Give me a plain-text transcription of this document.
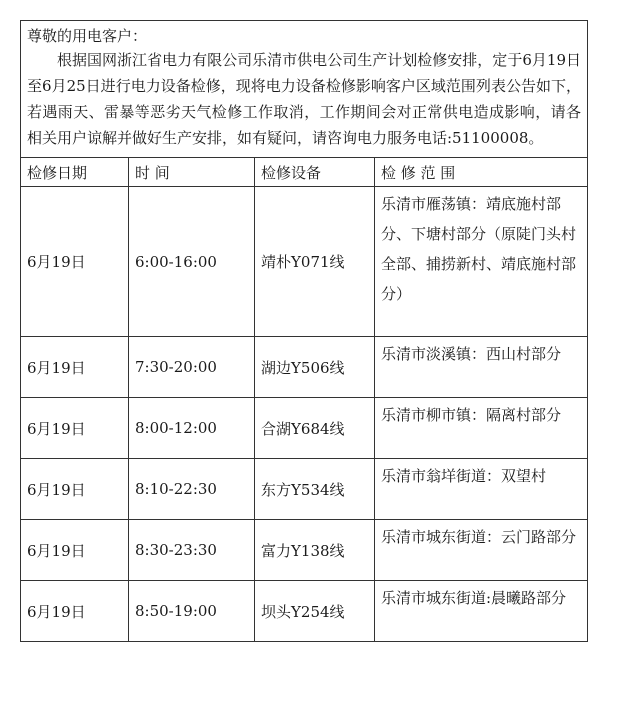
尊敬的用电客户：
根据国网浙江省电力有限公司乐清市供电公司生产计划检修安排，定于6月19日至6月25日进行电力设备检修，现将电力设备检修影响客户区域范围列表公告如下，若遇雨天、雷暴等恶劣天气检修工作取消，工作期间会对正常供电造成影响，请各相关用户谅解并做好生产安排，如有疑问，请咨询电力服务电话:51100008。			

检修日期	时 间	检修设备	检 修 范 围
6月19日	6:00-16:00	靖朴Y071线	乐清市雁荡镇：靖底施村部分、下塘村部分（原陡门头村全部、捕捞新村、靖底施村部分）
6月19日	7:30-20:00	湖边Y506线	乐清市淡溪镇：西山村部分
6月19日	8:00-12:00	合湖Y684线	乐清市柳市镇：隔离村部分
6月19日	8:10-22:30	东方Y534线	乐清市翁垟街道：双望村
6月19日	8:30-23:30	富力Y138线	乐清市城东街道：云门路部分
6月19日	8:50-19:00	坝头Y254线	乐清市城东街道:晨曦路部分
